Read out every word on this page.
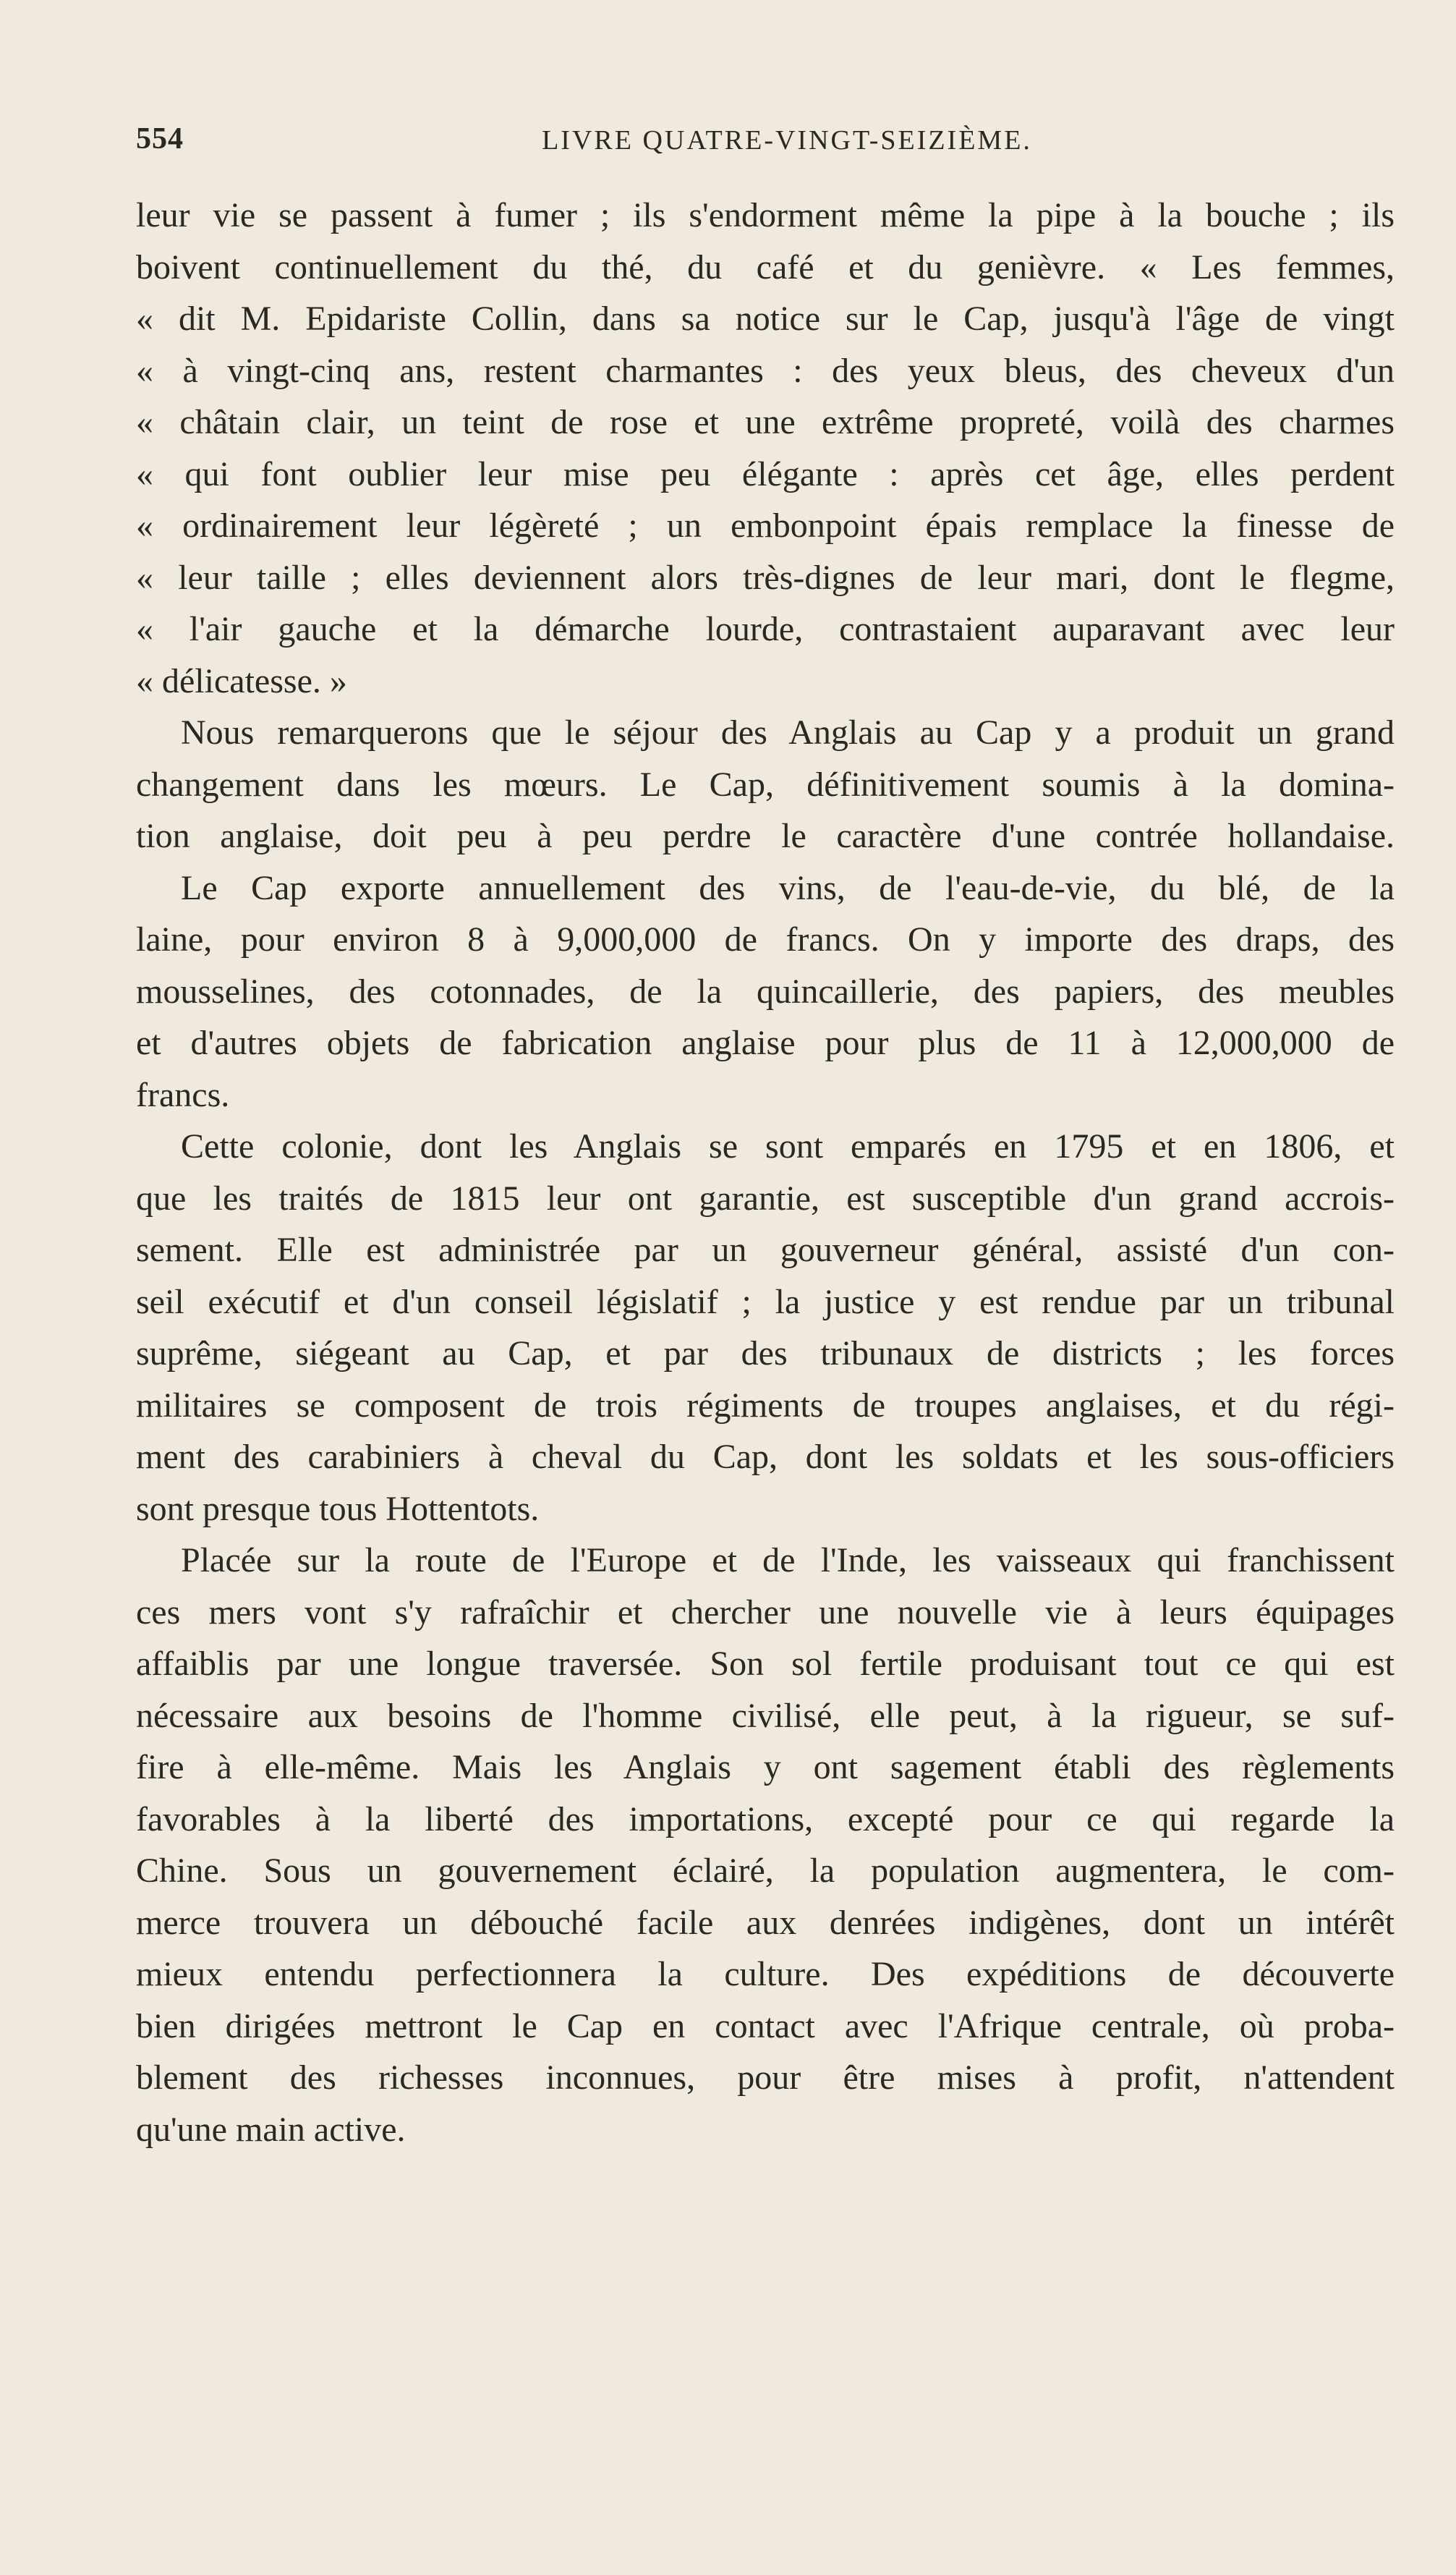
554	LIVRE QUATRE-VINGT-SEIZIÈME.
leur vie se passent à fumer ; ils s'endorment même la pipe à la bouche ; ils
boivent continuellement du thé, du café et du genièvre. « Les femmes,
« dit M. Epidariste Collin, dans sa notice sur le Cap, jusqu'à l'âge de vingt
« à vingt-cinq ans, restent charmantes : des yeux bleus, des cheveux d'un
« châtain clair, un teint de rose et une extrême propreté, voilà des charmes
« qui font oublier leur mise peu élégante : après cet âge, elles perdent
« ordinairement leur légèreté ; un embonpoint épais remplace la finesse de
« leur taille ; elles deviennent alors très-dignes de leur mari, dont le flegme,
« l'air gauche et la démarche lourde, contrastaient auparavant avec leur
« délicatesse. »
Nous remarquerons que le séjour des Anglais au Cap y a produit un grand
changement dans les mœurs. Le Cap, définitivement soumis à la domina-
tion anglaise, doit peu à peu perdre le caractère d'une contrée hollandaise.
Le Cap exporte annuellement des vins, de l'eau-de-vie, du blé, de la
laine, pour environ 8 à 9,000,000 de francs. On y importe des draps, des
mousselines, des cotonnades, de la quincaillerie, des papiers, des meubles
et d'autres objets de fabrication anglaise pour plus de 11 à 12,000,000 de
francs.
Cette colonie, dont les Anglais se sont emparés en 1795 et en 1806, et
que les traités de 1815 leur ont garantie, est susceptible d'un grand accrois-
sement. Elle est administrée par un gouverneur général, assisté d'un con-
seil exécutif et d'un conseil législatif ; la justice y est rendue par un tribunal
suprême, siégeant au Cap, et par des tribunaux de districts ; les forces
militaires se composent de trois régiments de troupes anglaises, et du régi-
ment des carabiniers à cheval du Cap, dont les soldats et les sous-officiers
sont presque tous Hottentots.
Placée sur la route de l'Europe et de l'Inde, les vaisseaux qui franchissent
ces mers vont s'y rafraîchir et chercher une nouvelle vie à leurs équipages
affaiblis par une longue traversée. Son sol fertile produisant tout ce qui est
nécessaire aux besoins de l'homme civilisé, elle peut, à la rigueur, se suf-
fire à elle-même. Mais les Anglais y ont sagement établi des règlements
favorables à la liberté des importations, excepté pour ce qui regarde la
Chine. Sous un gouvernement éclairé, la population augmentera, le com-
merce trouvera un débouché facile aux denrées indigènes, dont un intérêt
mieux entendu perfectionnera la culture. Des expéditions de découverte
bien dirigées mettront le Cap en contact avec l'Afrique centrale, où proba-
blement des richesses inconnues, pour être mises à profit, n'attendent
qu'une main active.
